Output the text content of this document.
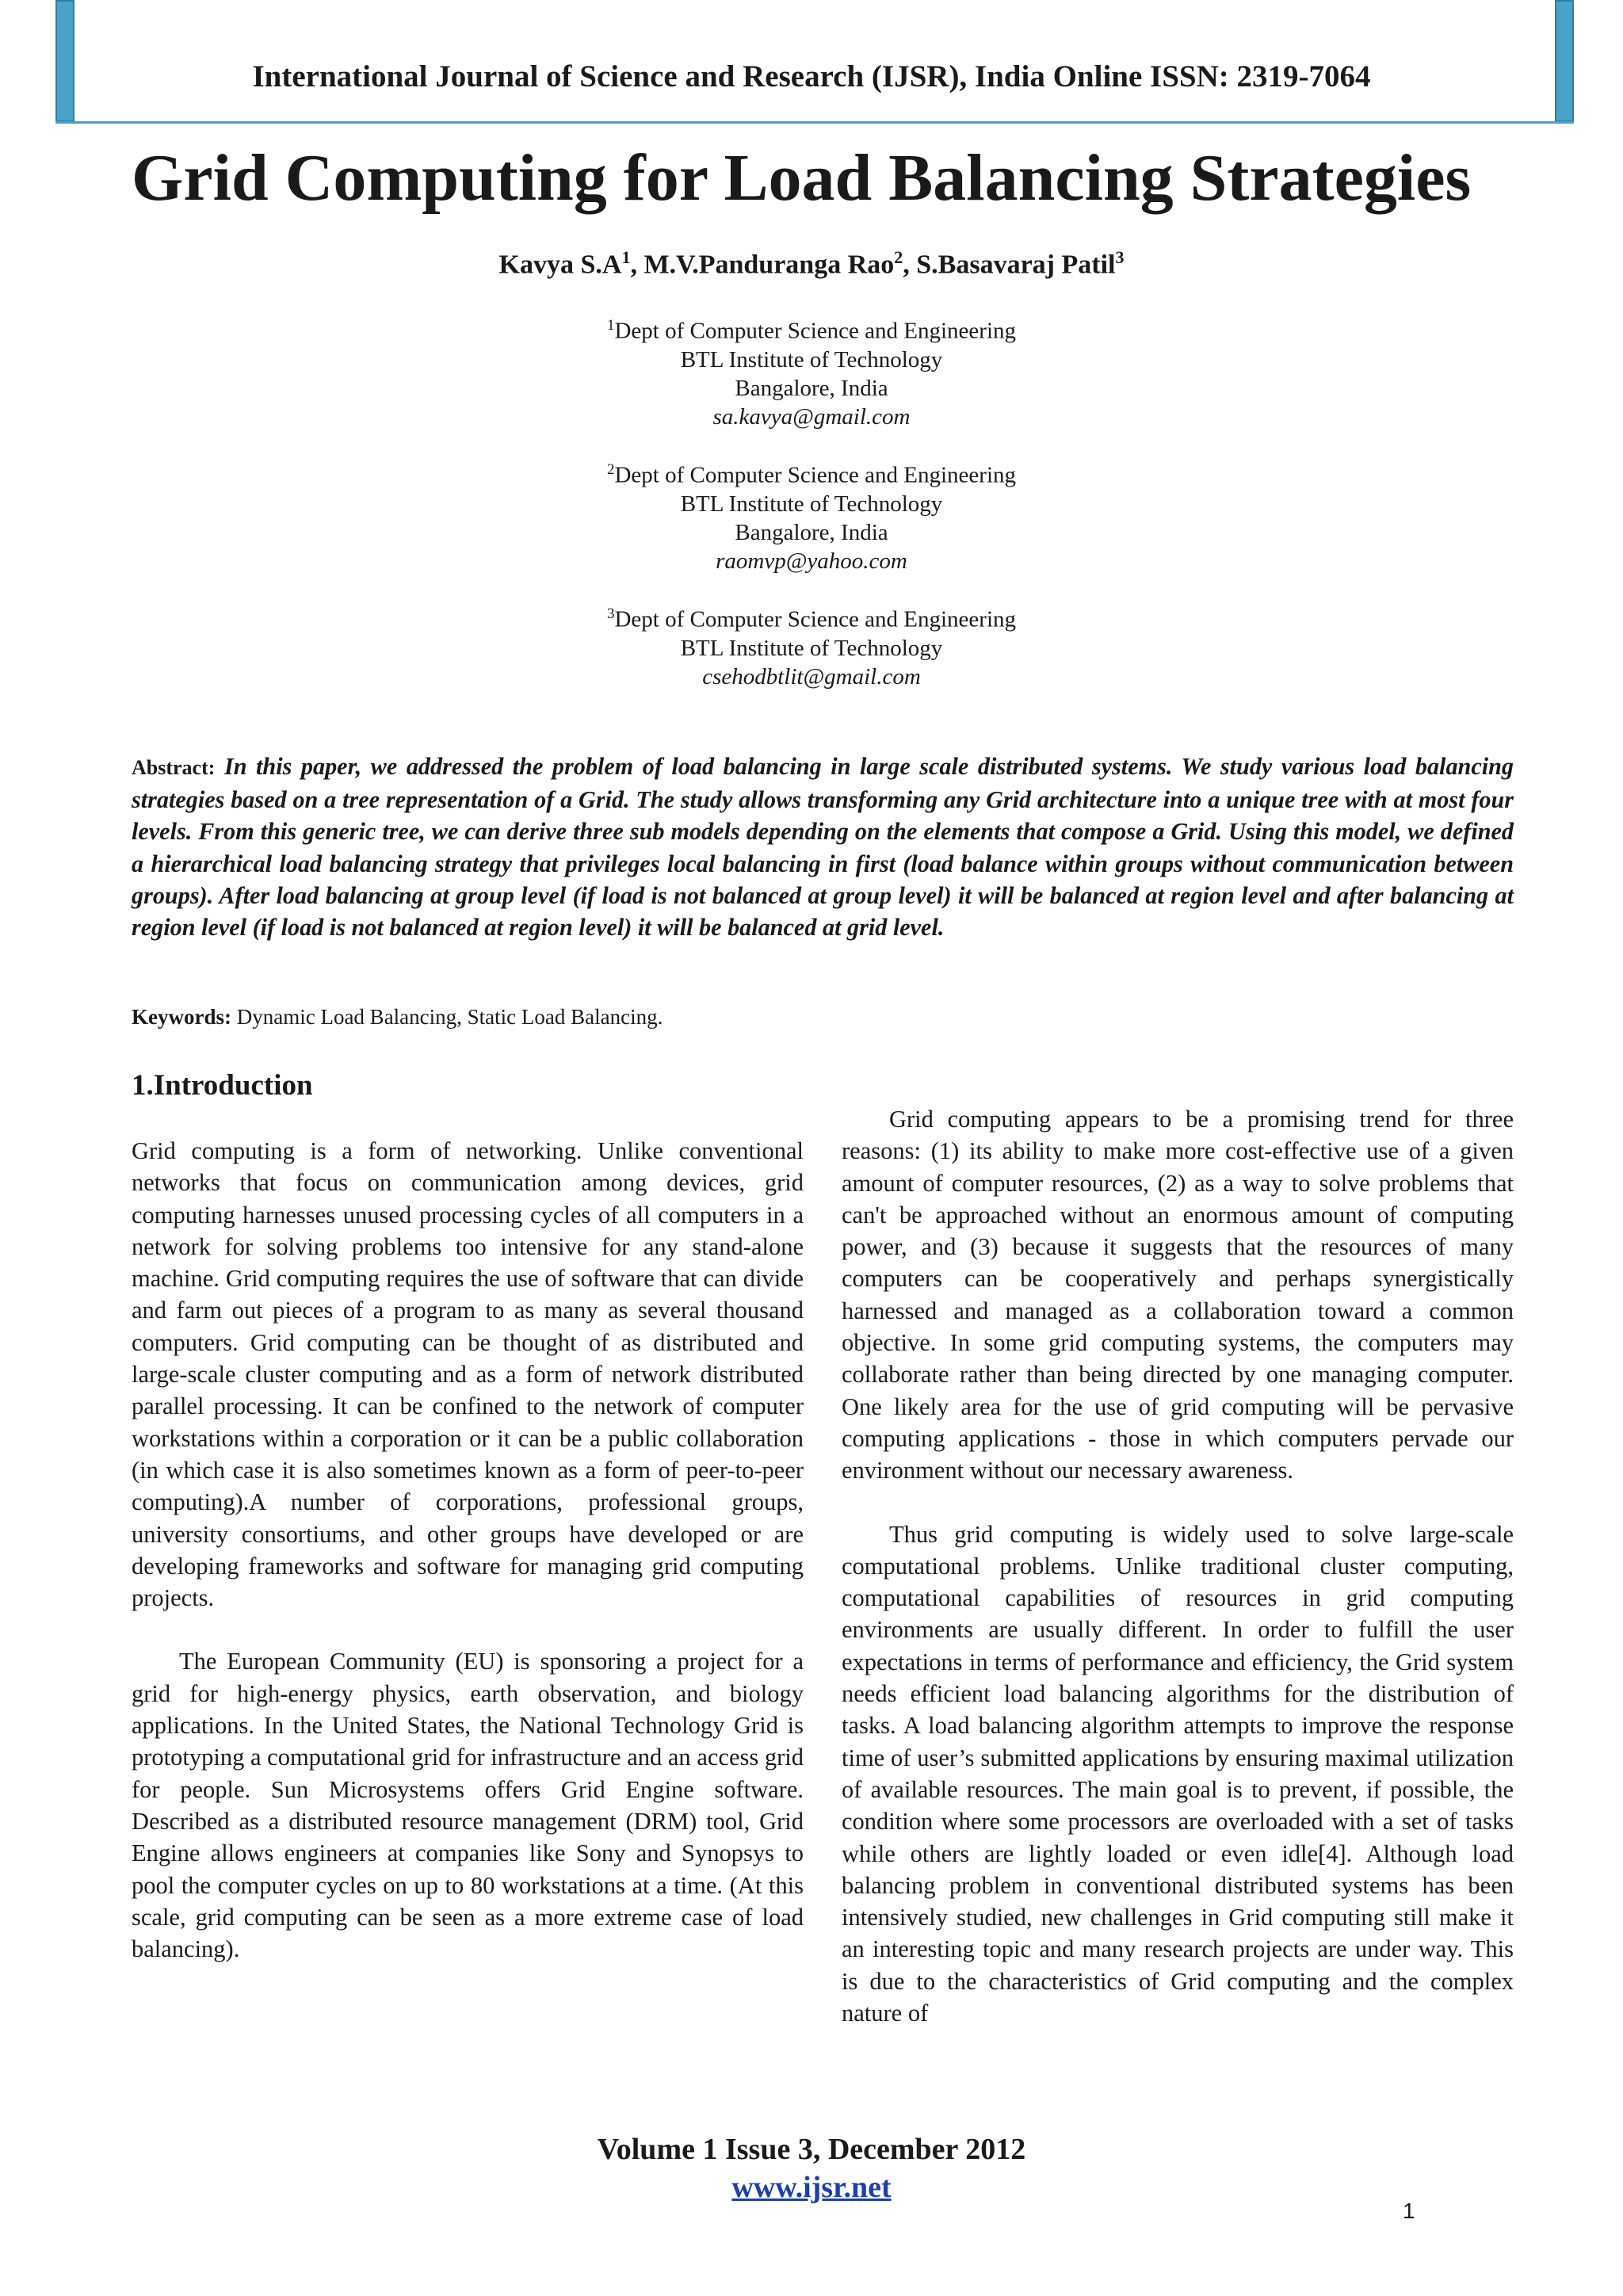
International Journal of Science and Research (IJSR), India Online ISSN: 2319-7064
Grid Computing for Load Balancing Strategies
Kavya $S.A^1$, M.V.Panduranga Rao$^2$, S.Basavaraj Patil$^3$
$^1$Dept of Computer Science and Engineering
BTL Institute of Technology
Bangalore, India
sa.kavya@gmail.com
$^2$Dept of Computer Science and Engineering
BTL Institute of Technology
Bangalore, India
raomvp@yahoo.com
$^3$Dept of Computer Science and Engineering
BTL Institute of Technology
csehodbtlit@gmail.com
Abstract: In this paper, we addressed the problem of load balancing in large scale distributed systems. We study various load balancing strategies based on a tree representation of a Grid. The study allows transforming any Grid architecture into a unique tree with at most four levels. From this generic tree, we can derive three sub models depending on the elements that compose a Grid. Using this model, we defined a hierarchical load balancing strategy that privileges local balancing in first (load balance within groups without communication between groups). After load balancing at group level (if load is not balanced at group level) it will be balanced at region level and after balancing at region level (if load is not balanced at region level) it will be balanced at grid level.
Keywords: Dynamic Load Balancing, Static Load Balancing.
1.Introduction

Grid computing is a form of networking. Unlike conventional networks that focus on communication among devices, grid computing harnesses unused processing cycles of all computers in a network for solving problems too intensive for any stand-alone machine. Grid computing requires the use of software that can divide and farm out pieces of a program to as many as several thousand computers. Grid computing can be thought of as distributed and large-scale cluster computing and as a form of network distributed parallel processing. It can be confined to the network of computer workstations within a corporation or it can be a public collaboration (in which case it is also sometimes known as a form of peer-to-peer computing).A number of corporations, professional groups, university consortiums, and other groups have developed or are developing frameworks and software for managing grid computing projects.

The European Community (EU) is sponsoring a project for a grid for high-energy physics, earth observation, and biology applications. In the United States, the National Technology Grid is prototyping a computational grid for infrastructure and an access grid for people. Sun Microsystems offers Grid Engine software. Described as a distributed resource management (DRM) tool, Grid Engine allows engineers at companies like Sony and Synopsys to pool the computer cycles on up to 80 workstations at a time. (At this scale, grid computing can be seen as a more extreme case of load balancing).

Grid computing appears to be a promising trend for three reasons: (1) its ability to make more cost-effective use of a given amount of computer resources, (2) as a way to solve problems that can't be approached without an enormous amount of computing power, and (3) because it suggests that the resources of many computers can be cooperatively and perhaps synergistically harnessed and managed as a collaboration toward a common objective. In some grid computing systems, the computers may collaborate rather than being directed by one managing computer. One likely area for the use of grid computing will be pervasive computing applications - those in which computers pervade our environment without our necessary awareness.

Thus grid computing is widely used to solve large-scale computational problems. Unlike traditional cluster computing, computational capabilities of resources in grid computing environments are usually different. In order to fulfill the user expectations in terms of performance and efficiency, the Grid system needs efficient load balancing algorithms for the distribution of tasks. A load balancing algorithm attempts to improve the response time of user’s submitted applications by ensuring maximal utilization of available resources. The main goal is to prevent, if possible, the condition where some processors are overloaded with a set of tasks while others are lightly loaded or even idle[4]. Although load balancing problem in conventional distributed systems has been intensively studied, new challenges in Grid computing still make it an interesting topic and many research projects are under way. This is due to the characteristics of Grid computing and the complex nature of

Volume 1 Issue 3, December 2012
www.ijsr.net
1
